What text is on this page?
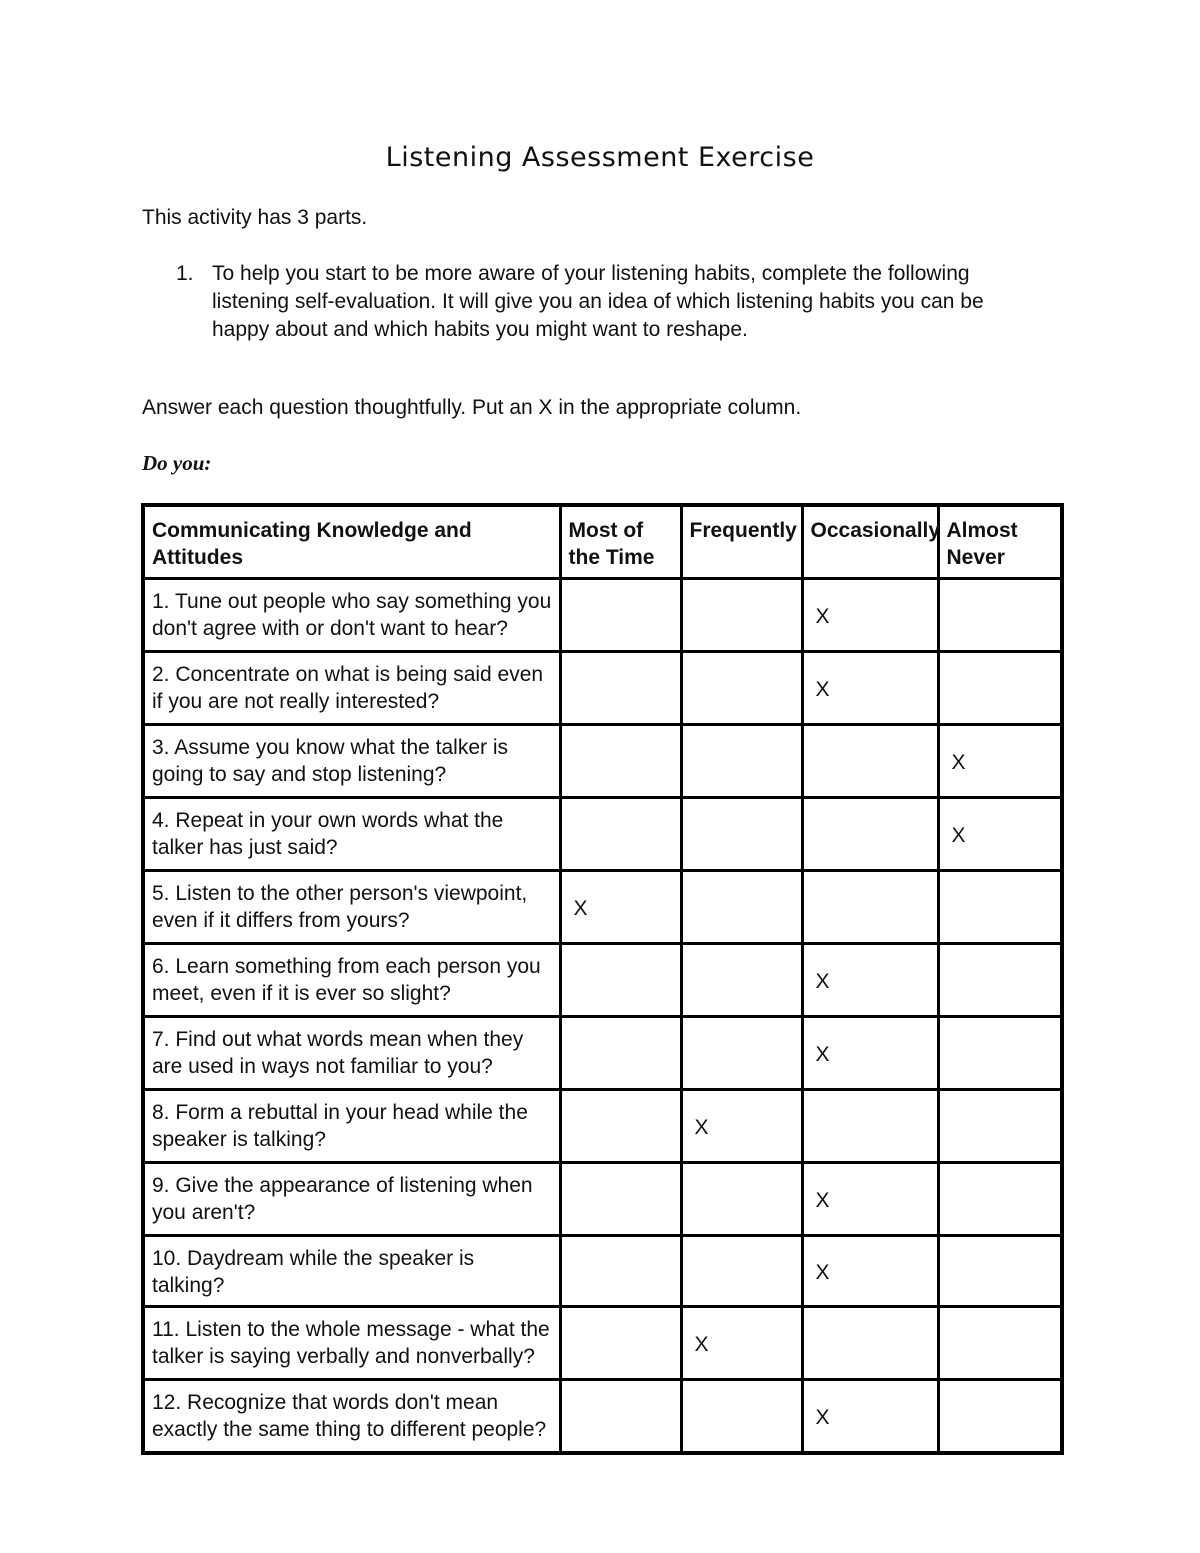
Listening Assessment Exercise
This activity has 3 parts.
1. To help you start to be more aware of your listening habits, complete the following listening self-evaluation. It will give you an idea of which listening habits you can be happy about and which habits you might want to reshape.
Answer each question thoughtfully. Put an X in the appropriate column.
Do you:
Communicating Knowledge and Attitudes	Most of the Time	Frequently	Occasionally	Almost Never
1. Tune out people who say something you don't agree with or don't want to hear?			X	
2. Concentrate on what is being said even if you are not really interested?			X	
3. Assume you know what the talker is going to say and stop listening?				X
4. Repeat in your own words what the talker has just said?				X
5. Listen to the other person's viewpoint, even if it differs from yours?	X			
6. Learn something from each person you meet, even if it is ever so slight?			X	
7. Find out what words mean when they are used in ways not familiar to you?			X	
8. Form a rebuttal in your head while the speaker is talking?		X		
9. Give the appearance of listening when you aren't?			X	
10. Daydream while the speaker is talking?			X	
11. Listen to the whole message - what the talker is saying verbally and nonverbally?		X		
12. Recognize that words don't mean exactly the same thing to different people?			X	
